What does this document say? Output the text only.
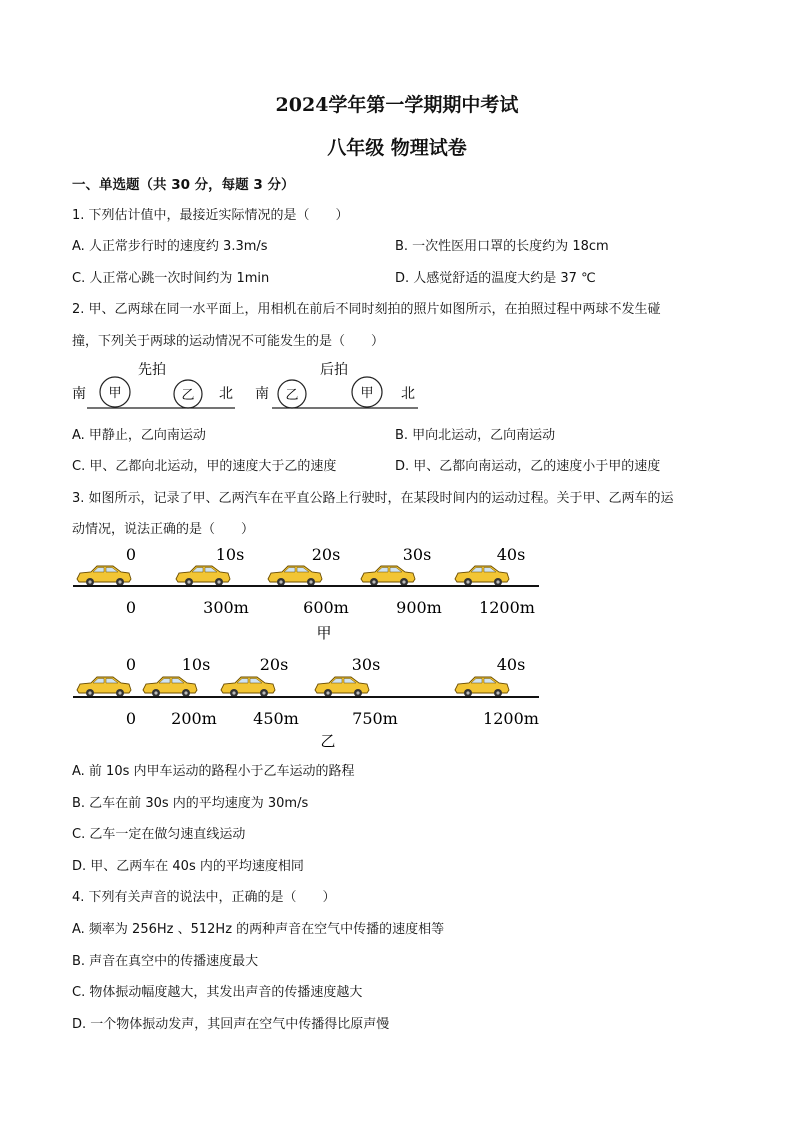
2024学年第一学期期中考试
八年级 物理试卷
一、单选题（共 30 分，每题 3 分）
1. 下列估计值中，最接近实际情况的是（　　）
A. 人正常步行时的速度约 3.3m/s	B. 一次性医用口罩的长度约为 18cm
C. 人正常心跳一次时间约为 1min	D. 人感觉舒适的温度大约是 37 ℃
2. 甲、乙两球在同一水平面上，用相机在前后不同时刻拍的照片如图所示，在拍照过程中两球不发生碰
撞，下列关于两球的运动情况不可能发生的是（　　）
先拍
南 甲	乙 北
后拍
南 乙	甲 北
A. 甲静止，乙向南运动	B. 甲向北运动，乙向南运动
C. 甲、乙都向北运动，甲的速度大于乙的速度	D. 甲、乙都向南运动，乙的速度小于甲的速度
3. 如图所示，记录了甲、乙两汽车在平直公路上行驶时，在某段时间内的运动过程。关于甲、乙两车的运
动情况，说法正确的是（　　）
0	10s	20s	30s	40s
0	300m	600m	900m 1200m
甲
0	10s	20s	30s	40s
0 200m 450m	750m	1200m
乙
A. 前 10s 内甲车运动的路程小于乙车运动的路程
B. 乙车在前 30s 内的平均速度为 30m/s
C. 乙车一定在做匀速直线运动
D. 甲、乙两车在 40s 内的平均速度相同
4. 下列有关声音的说法中，正确的是（　　）
A. 频率为 256Hz 、512Hz 的两种声音在空气中传播的速度相等
B. 声音在真空中的传播速度最大
C. 物体振动幅度越大，其发出声音的传播速度越大
D. 一个物体振动发声，其回声在空气中传播得比原声慢
